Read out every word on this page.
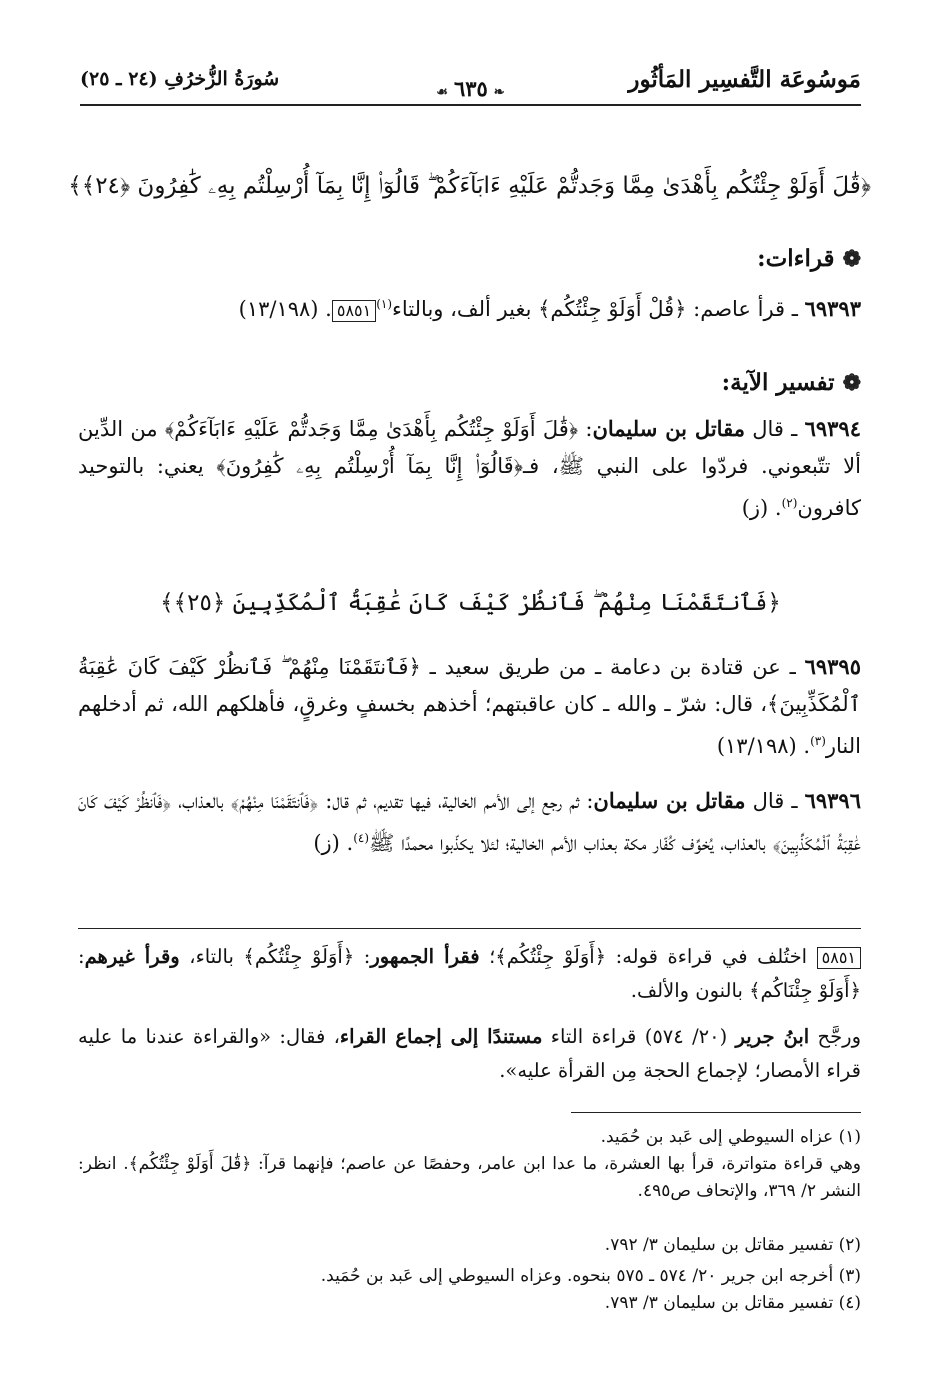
مَوسُوعَة التَّفسِير المَأثُور
❧٦٣٥☙
سُورَةُ الزُّخرُفِ (٢٤ ـ ٢٥)
﴿قَٰلَ أَوَلَوْ جِئْتُكُم بِأَهْدَىٰ مِمَّا وَجَدتُّمْ عَلَيْهِ ءَابَآءَكُمْ ۖ قَالُوٓا۟ إِنَّا بِمَآ أُرْسِلْتُم بِهِۦ كَٰفِرُونَ ﴿٢٤﴾﴾
❁قراءات:
٦٩٣٩٣ ـ قرأ عاصم: ﴿قُلْ أَوَلَوْ جِئْتُكُم﴾ بغير ألف، وبالتاء$^{(١)}$٥٨٥١. (١٣/١٩٨)
❁تفسير الآية:
٦٩٣٩٤ ـ قال مقاتل بن سليمان: ﴿قَٰلَ أَوَلَوْ جِئْتُكُم بِأَهْدَىٰ مِمَّا وَجَدتُّمْ عَلَيْهِ ءَابَآءَكُمْ﴾ من الدِّين ألا تتّبعوني. فردّوا على النبي ﷺ، فـ﴿قَالُوٓا۟ إِنَّا بِمَآ أُرْسِلْتُم بِهِۦ كَٰفِرُونَ﴾ يعني: بالتوحيد كافرون$^{(٢)}$. (ز)
﴿فَٱنتَقَمْنَا مِنْهُمْ ۖ فَٱنظُرْ كَيْفَ كَانَ عَٰقِبَةُ ٱلْمُكَذِّبِينَ ﴿٢٥﴾﴾
٦٩٣٩٥ ـ عن قتادة بن دعامة ـ من طريق سعيد ـ ﴿فَٱنتَقَمْنَا مِنْهُمْ ۖ فَٱنظُرْ كَيْفَ كَانَ عَٰقِبَةُ ٱلْمُكَذِّبِينَ﴾، قال: شرّ ـ والله ـ كان عاقبتهم؛ أخذهم بخسفٍ وغرقٍ، فأهلكهم الله، ثم أدخلهم النار$^{(٣)}$. (١٣/١٩٨)
٦٩٣٩٦ ـ قال مقاتل بن سليمان: ثم رجع إلى الأمم الخالية، فيها تقديم، ثم قال: ﴿فَٱنتَقَمْنَا مِنْهُمْ﴾ بالعذاب، ﴿فَٱنظُرْ كَيْفَ كَانَ عَٰقِبَةُ ٱلْمُكَذِّبِينَ﴾ بالعذاب، يُخوِّف كُفّار مكة بعذاب الأمم الخالية؛ لئلا يكذّبوا محمدًا ﷺ$^{(٤)}$. (ز)
٥٨٥١ اختُلف في قراءة قوله: ﴿أَوَلَوْ جِئْتُكُم﴾؛ فقرأ الجمهور: ﴿أَوَلَوْ جِئْتُكُم﴾ بالتاء، وقرأ غيرهم: ﴿أَوَلَوْ جِئْنَاكُم﴾ بالنون والألف.
ورجَّح ابنُ جرير (٢٠/ ٥٧٤) قراءة التاء مستندًا إلى إجماع القراء، فقال: «والقراءة عندنا ما عليه قراء الأمصار؛ لإجماع الحجة مِن القرأة عليه».
(١) عزاه السيوطي إلى عَبد بن حُمَيد.
وهي قراءة متواترة، قرأ بها العشرة، ما عدا ابن عامر، وحفصًا عن عاصم؛ فإنهما قرآ: ﴿قَٰلَ أَوَلَوْ جِئْتُكُم﴾. انظر: النشر ٢/ ٣٦٩، والإتحاف ص٤٩٥.
(٢) تفسير مقاتل بن سليمان ٣/ ٧٩٢.
(٣) أخرجه ابن جرير ٢٠/ ٥٧٤ ـ ٥٧٥ بنحوه. وعزاه السيوطي إلى عَبد بن حُمَيد.
(٤) تفسير مقاتل بن سليمان ٣/ ٧٩٣.
